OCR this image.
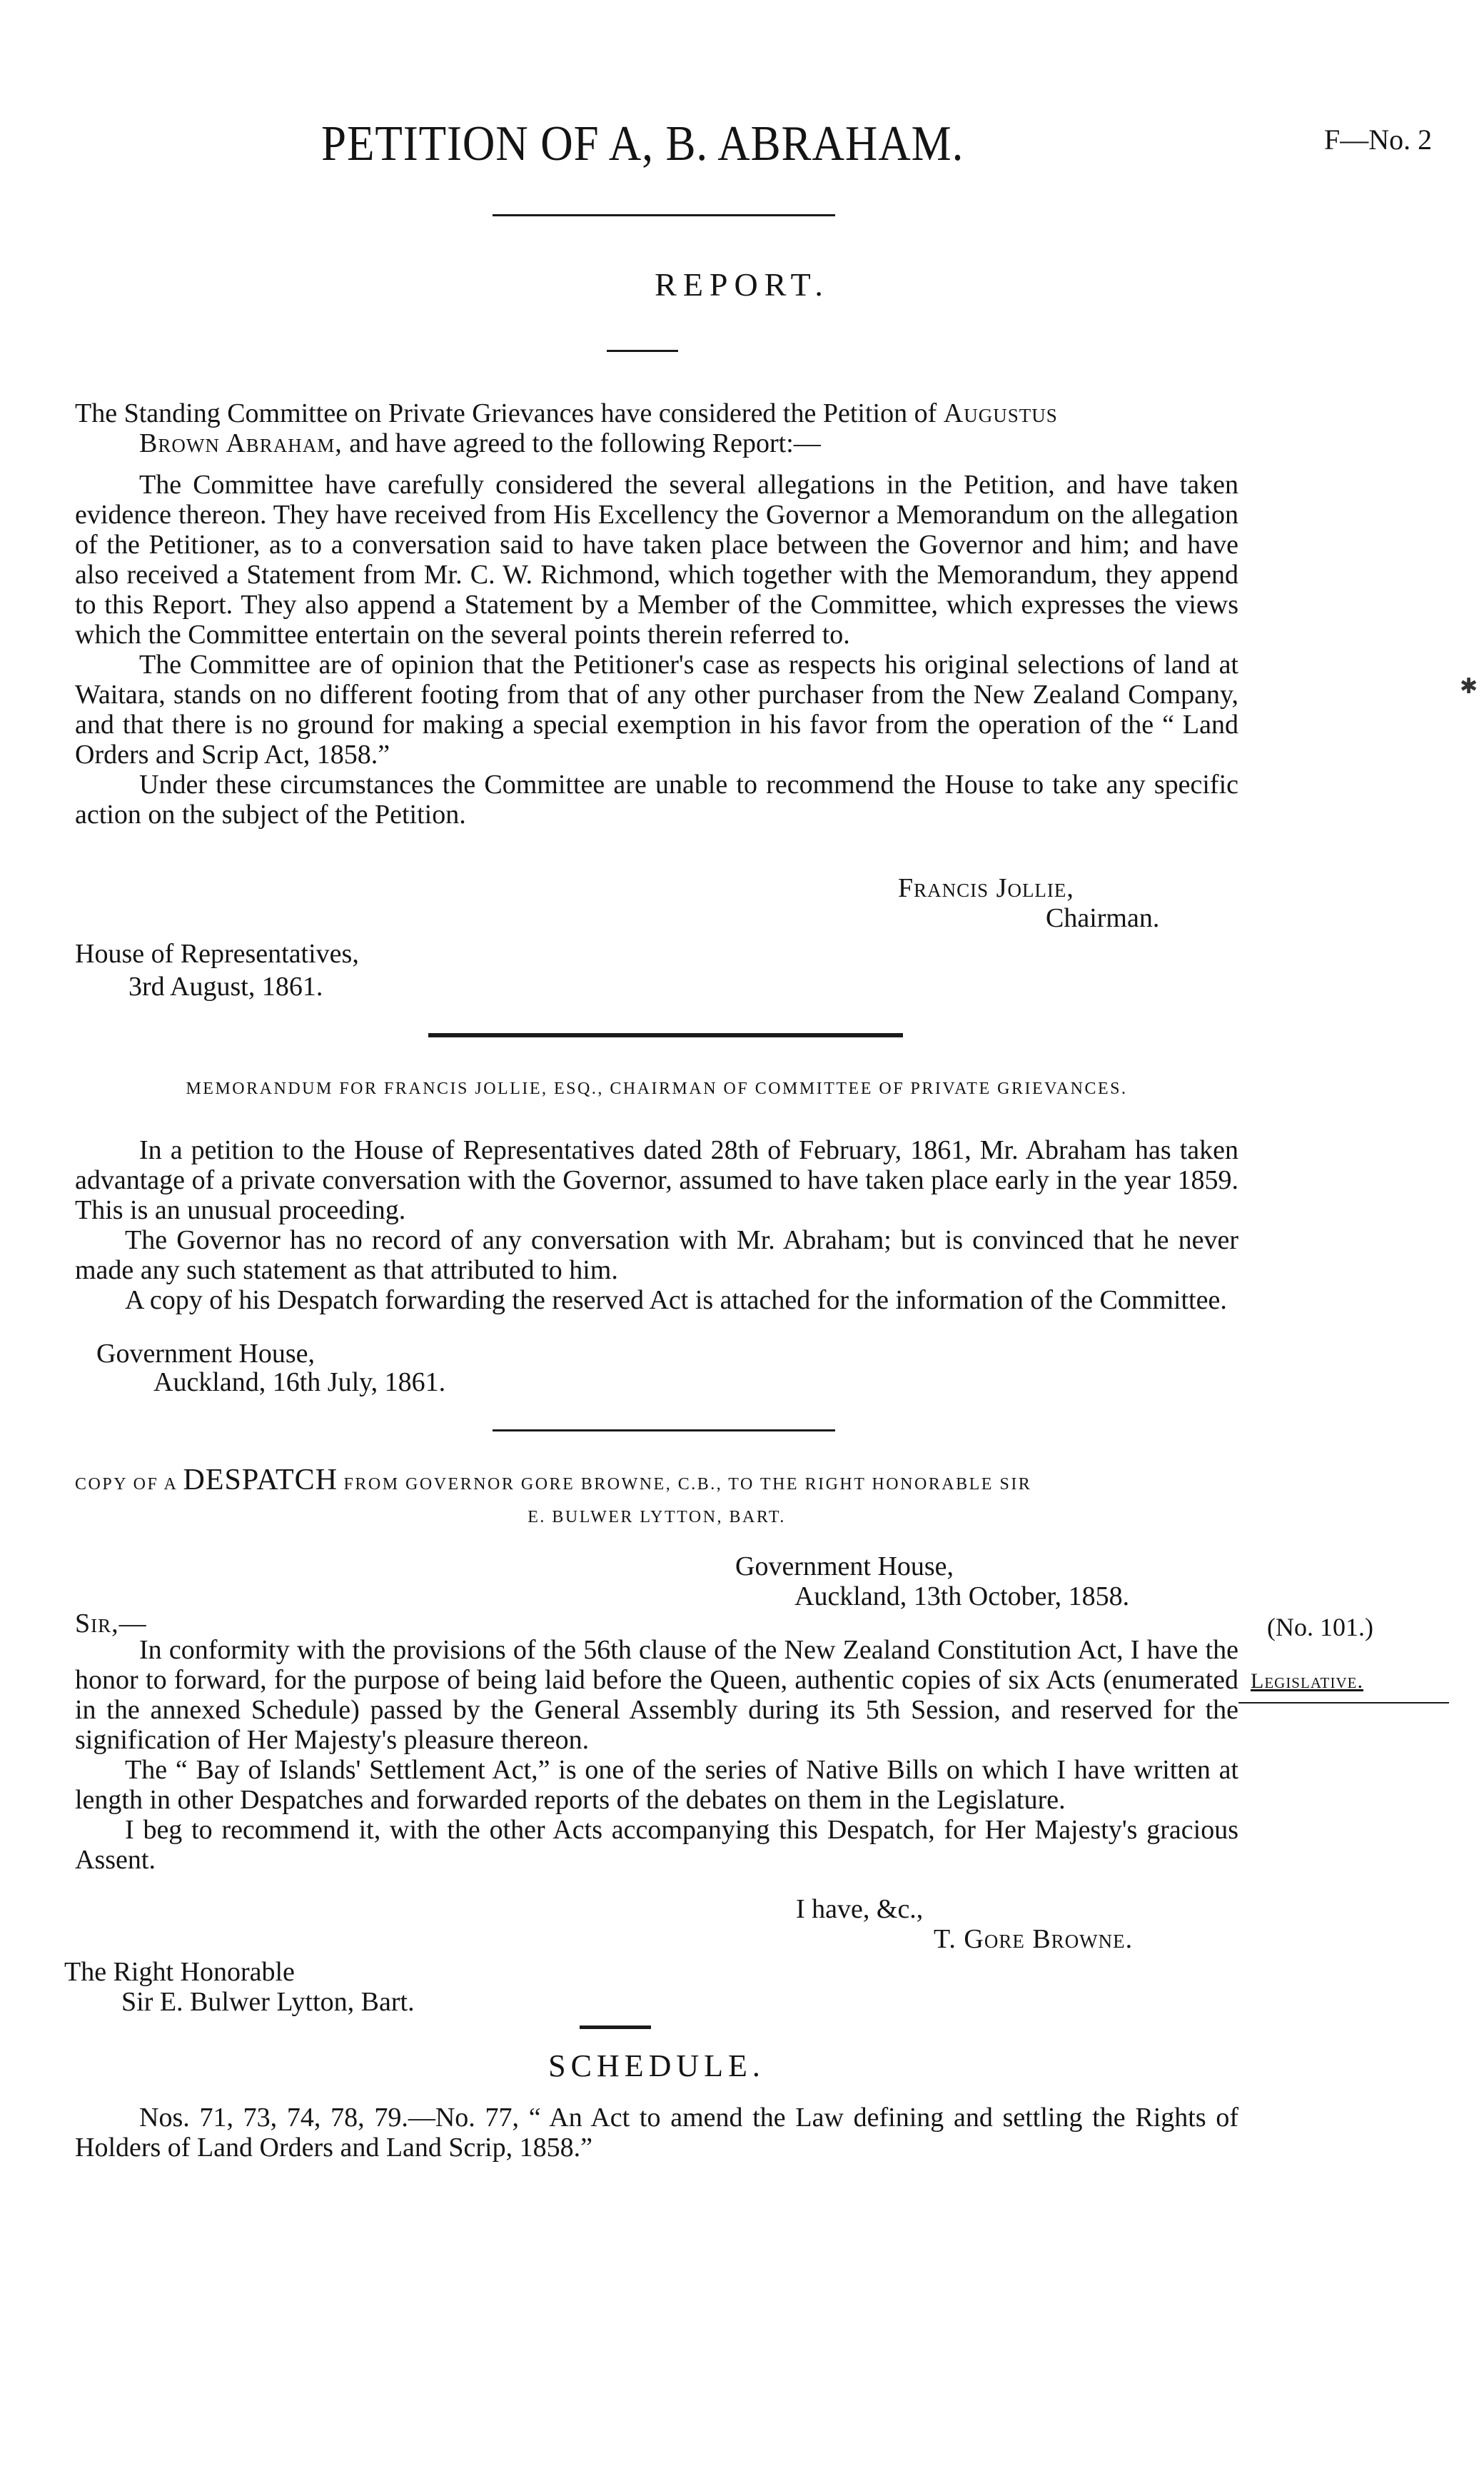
PETITION OF A, B. ABRAHAM.	F—No. 2
REPORT.

The Standing Committee on Private Grievances have considered the Petition of Augustus

Brown Abraham, and have agreed to the following Report:—

The Committee have carefully considered the several allegations in the Petition, and have taken evidence thereon. They have received from His Excellency the Governor a Memorandum on the allegation of the Petitioner, as to a conversation said to have taken place between the Governor and him; and have also received a Statement from Mr. C. W. Richmond, which together with the Memorandum, they append to this Report. They also append a Statement by a Member of the Committee, which expresses the views which the Committee entertain on the several points therein referred to.

The Committee are of opinion that the Petitioner's case as respects his original selections of land at Waitara, stands on no different footing from that of any other purchaser from the New Zealand Company, and that there is no ground for making a special exemption in his favor from the operation of the “ Land Orders and Scrip Act, 1858.”

Under these circumstances the Committee are unable to recommend the House to take any specific action on the subject of the Petition.

Francis Jollie,
Chairman.
House of Representatives,
3rd August, 1861.
MEMORANDUM FOR FRANCIS JOLLIE, ESQ., CHAIRMAN OF COMMITTEE OF PRIVATE GRIEVANCES.

In a petition to the House of Representatives dated 28th of February, 1861, Mr. Abraham has taken advantage of a private conversation with the Governor, assumed to have taken place early in the year 1859. This is an unusual proceeding.

The Governor has no record of any conversation with Mr. Abraham; but is convinced that he never made any such statement as that attributed to him.

A copy of his Despatch forwarding the reserved Act is attached for the information of the Committee.

Government House,
Auckland, 16th July, 1861.
COPY OF A DESPATCH FROM GOVERNOR GORE BROWNE, C.B., TO THE RIGHT HONORABLE SIR
E. BULWER LYTTON, BART.
Government House,
Auckland, 13th October, 1858.
Sir,—

In conformity with the provisions of the 56th clause of the New Zealand Constitution Act, I have the honor to forward, for the purpose of being laid before the Queen, authentic copies of six Acts (enumerated in the annexed Schedule) passed by the General Assembly during its 5th Session, and reserved for the signification of Her Majesty's pleasure thereon.

The “ Bay of Islands' Settlement Act,” is one of the series of Native Bills on which I have written at length in other Despatches and forwarded reports of the debates on them in the Legislature.

I beg to recommend it, with the other Acts accompanying this Despatch, for Her Majesty's gracious Assent.

(No. 101.)
Legislative.
I have, &c.,
T. Gore Browne.
The Right Honorable
Sir E. Bulwer Lytton, Bart.
SCHEDULE.
Nos. 71, 73, 74, 78, 79.—No. 77, “ An Act to amend the Law defining and settling the Rights of Holders of Land Orders and Land Scrip, 1858.”
✱
